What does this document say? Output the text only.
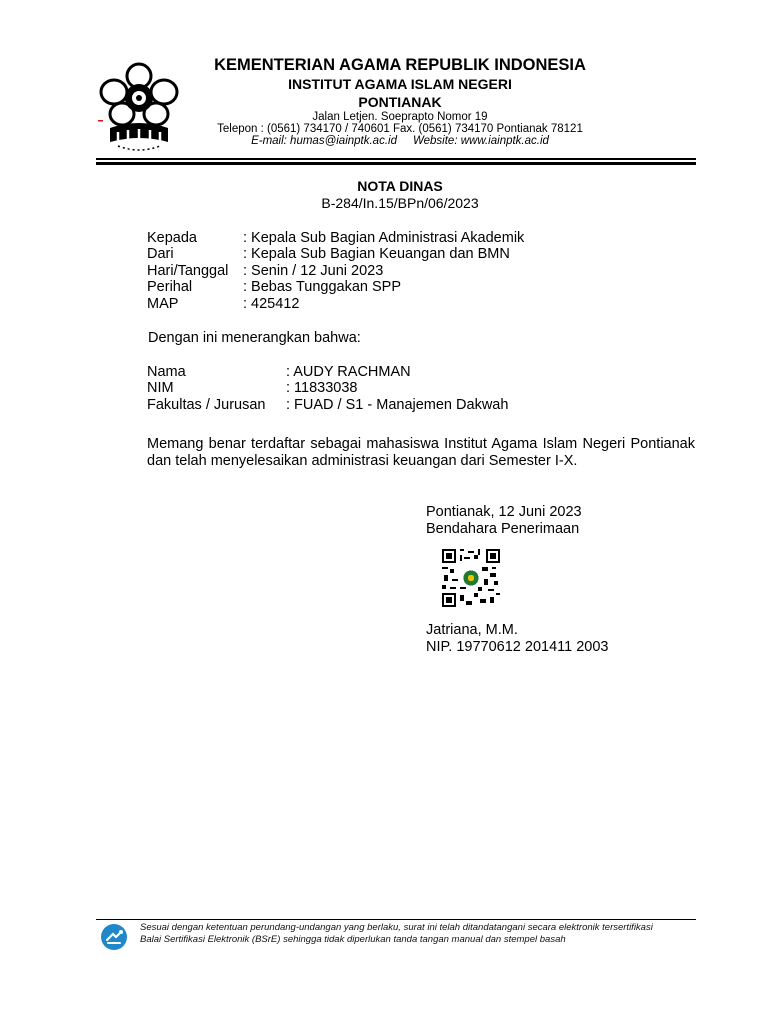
KEMENTERIAN AGAMA REPUBLIK INDONESIA
INSTITUT AGAMA ISLAM NEGERI
PONTIANAK
Jalan Letjen. Soeprapto Nomor 19
Telepon : (0561) 734170 / 740601 Fax. (0561) 734170 Pontianak 78121
E-mail: humas@iainptk.ac.id Website: www.iainptk.ac.id
NOTA DINAS
B-284/In.15/BPn/06/2023
Kepada	: Kepala Sub Bagian Administrasi Akademik
Dari	: Kepala Sub Bagian Keuangan dan BMN
Hari/Tanggal : Senin / 12 Juni 2023
Perihal	: Bebas Tunggakan SPP
MAP	: 425412
Dengan ini menerangkan bahwa:
Nama	: AUDY RACHMAN
NIM	: 11833038
Fakultas / Jurusan : FUAD / S1 - Manajemen Dakwah
Memang benar terdaftar sebagai mahasiswa Institut Agama Islam Negeri Pontianak dan telah menyelesaikan administrasi keuangan dari Semester I-X.
Pontianak, 12 Juni 2023
Bendahara Penerimaan
Jatriana, M.M.
NIP. 19770612 201411 2003
Sesuai dengan ketentuan perundang-undangan yang berlaku, surat ini telah ditandatangani secara elektronik tersertifikasi
Balai Sertifikasi Elektronik (BSrE) sehingga tidak diperlukan tanda tangan manual dan stempel basah
